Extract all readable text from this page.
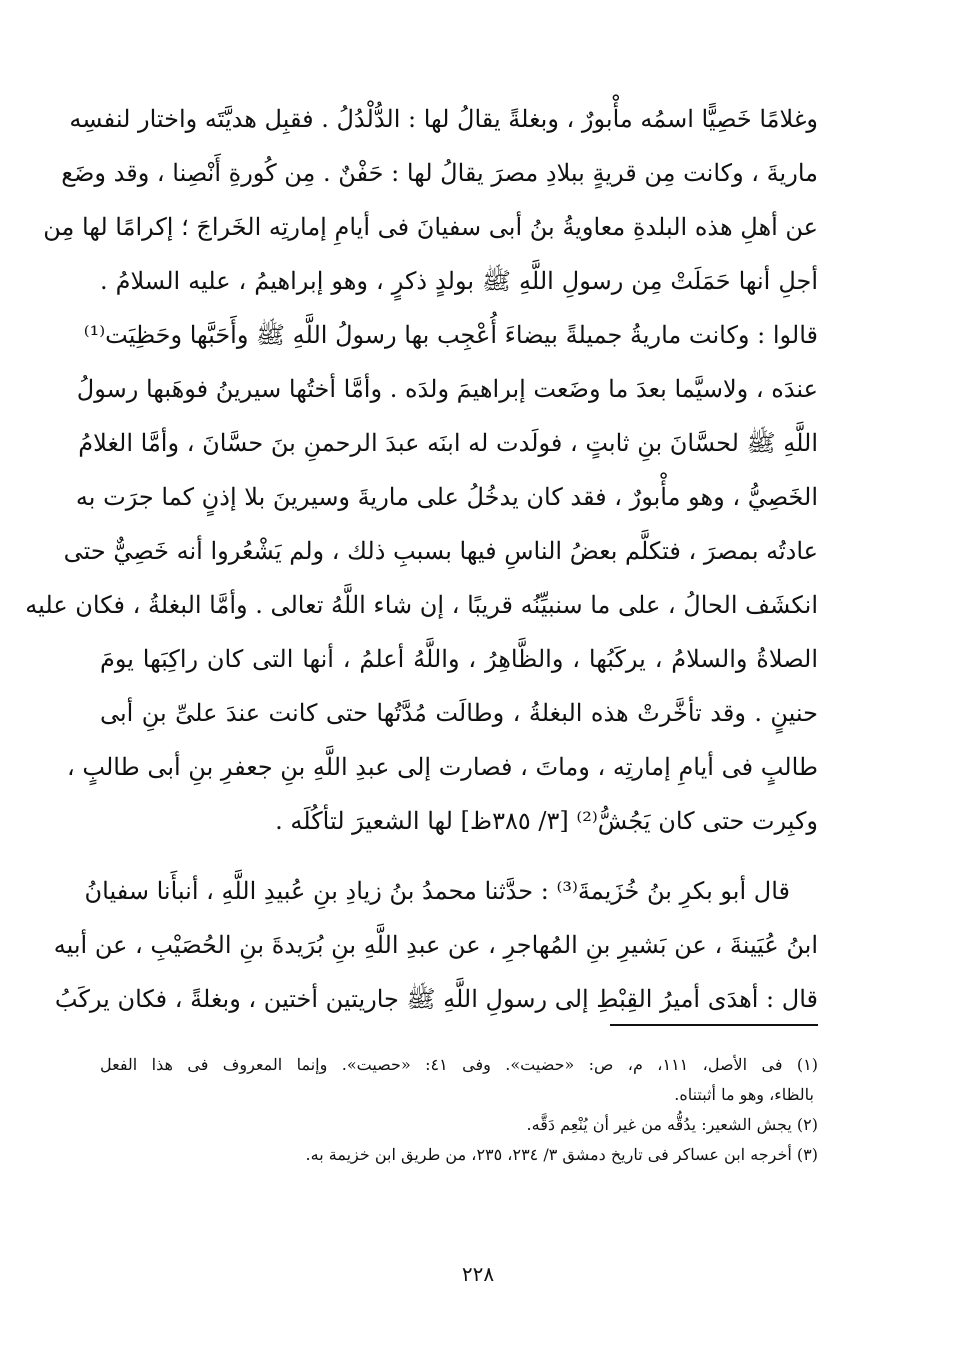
وغلامًا خَصِيًّا اسمُه مأْبورٌ ، وبغلةً يقالُ لها : الدُّلْدُلُ . فقبِل هديَّتَه واختار لنفسِه
ماريةَ ، وكانت مِن قريةٍ ببلادِ مصرَ يقالُ لها : حَفْنٌ . مِن كُورةِ أَنْصِنا ، وقد وضَع
عن أهلِ هذه البلدةِ معاويةُ بنُ أبى سفيانَ فى أيامِ إمارتِه الخَراجَ ؛ إكرامًا لها مِن
أجلِ أنها حَمَلَتْ مِن رسولِ اللَّهِ ﷺ بولدٍ ذكرٍ ، وهو إبراهيمُ ، عليه السلامُ .
قالوا : وكانت ماريةُ جميلةً بيضاءَ أُعْجِب بها رسولُ اللَّهِ ﷺ وأَحَبَّها وحَظِيَت⁽¹⁾
عندَه ، ولاسيَّما بعدَ ما وضَعت إبراهيمَ ولدَه . وأمَّا أختُها سيرينُ فوهَبها رسولُ
اللَّهِ ﷺ لحسَّانَ بنِ ثابتٍ ، فولَدت له ابنَه عبدَ الرحمنِ بنَ حسَّانَ ، وأمَّا الغلامُ
الخَصِيُّ ، وهو مأْبورٌ ، فقد كان يدخُلُ على ماريةَ وسيرينَ بلا إذنٍ كما جرَت به
عادتُه بمصرَ ، فتكلَّم بعضُ الناسِ فيها بسببِ ذلك ، ولم يَشْعُروا أنه خَصِيٌّ حتى
انكشَف الحالُ ، على ما سنبيِّنُه قريبًا ، إن شاء اللَّهُ تعالى . وأمَّا البغلةُ ، فكان عليه
الصلاةُ والسلامُ ، يركَبُها ، والظَّاهِرُ ، واللَّهُ أعلمُ ، أنها التى كان راكِبَها يومَ
حنينٍ . وقد تأخَّرتْ هذه البغلةُ ، وطالَت مُدَّتُها حتى كانت عندَ علىِّ بنِ أبى
طالبٍ فى أيامِ إمارتِه ، وماتَ ، فصارت إلى عبدِ اللَّهِ بنِ جعفرِ بنِ أبى طالبٍ ،
وكبِرت حتى كان يَجُشُّ⁽²⁾ [٣/ ٣٨٥ظ] لها الشعيرَ لتأكُلَه .
قال أبو بكرِ بنُ خُزَيمةَ⁽³⁾ : حدَّثنا محمدُ بنُ زيادِ بنِ عُبيدِ اللَّهِ ، أنبأَنا سفيانُ
ابنُ عُيَينةَ ، عن بَشيرِ بنِ المُهاجرِ ، عن عبدِ اللَّهِ بنِ بُرَيدةَ بنِ الحُصَيْبِ ، عن أبيه
قال : أهدَى أميرُ القِبْطِ إلى رسولِ اللَّهِ ﷺ جاريتين أختين ، وبغلةً ، فكان يركَبُ
(١) فى الأصل، ١١١، م، ص: «حضيت». وفى ٤١: «حصيت». وإنما المعروف فى هذا الفعل
بالظاء، وهو ما أثبتناه.
(٢) يجش الشعير: يدُقُّه من غير أن يُنْعِم دَقَّه.
(٣) أخرجه ابن عساكر فى تاريخ دمشق ٣/ ٢٣٤، ٢٣٥، من طريق ابن خزيمة به.
٢٢٨
